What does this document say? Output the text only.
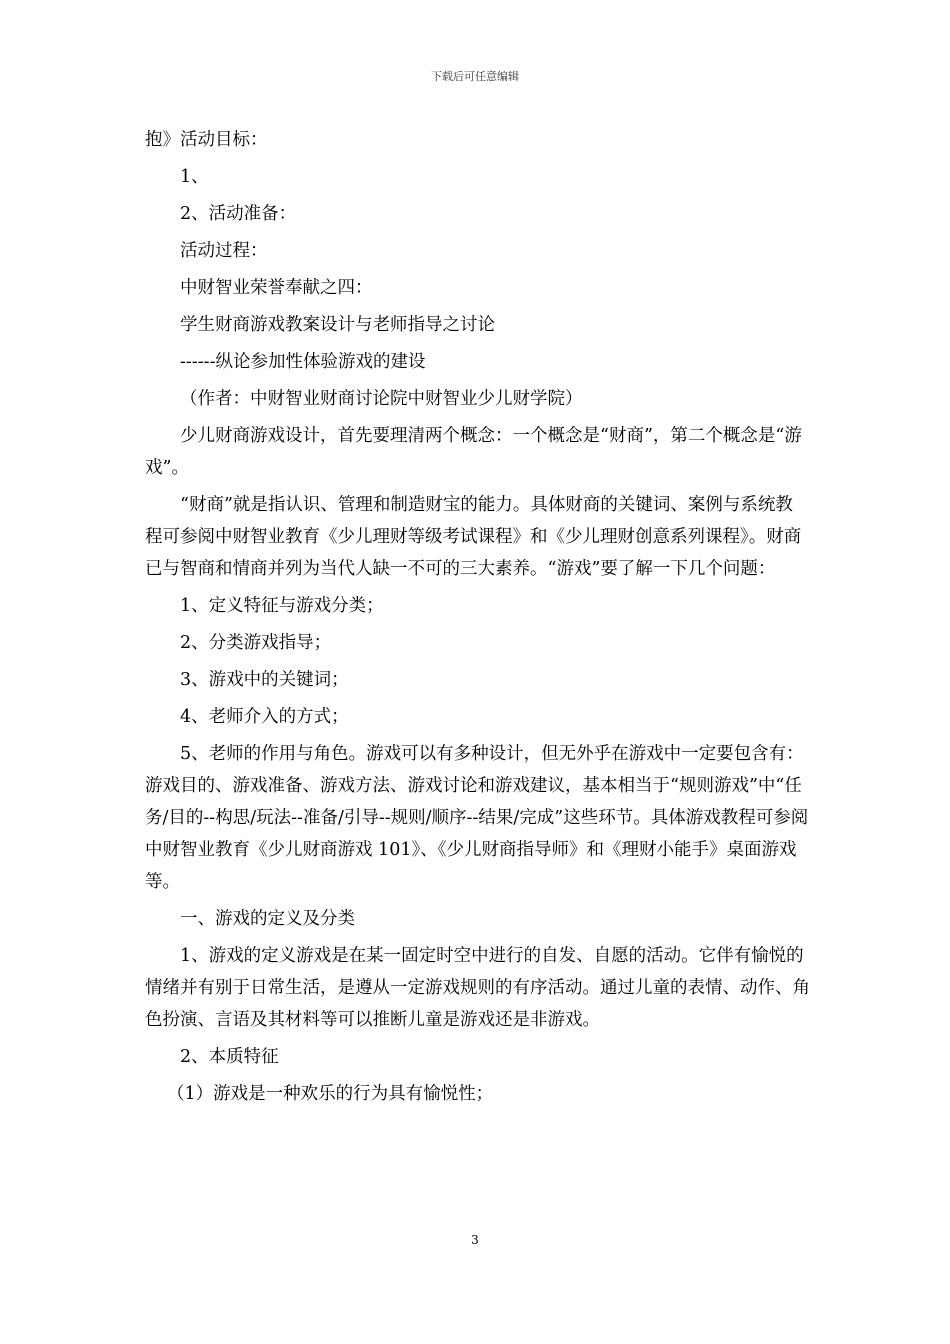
下载后可任意编辑

抱》活动目标：

1、

2、活动准备：

活动过程：

中财智业荣誉奉献之四：

学生财商游戏教案设计与老师指导之讨论

------纵论参加性体验游戏的建设

（作者：中财智业财商讨论院中财智业少儿财学院）

少儿财商游戏设计，首先要理清两个概念：一个概念是“财商”，第二个概念是“游戏”。

“财商”就是指认识、管理和制造财宝的能力。具体财商的关键词、案例与系统教程可参阅中财智业教育《少儿理财等级考试课程》和《少儿理财创意系列课程》。财商已与智商和情商并列为当代人缺一不可的三大素养。“游戏”要了解一下几个问题：

1、定义特征与游戏分类；

2、分类游戏指导；

3、游戏中的关键词；

4、老师介入的方式；

5、老师的作用与角色。游戏可以有多种设计，但无外乎在游戏中一定要包含有：游戏目的、游戏准备、游戏方法、游戏讨论和游戏建议，基本相当于“规则游戏”中“任务/目的--构思/玩法--准备/引导--规则/顺序--结果/完成”这些环节。具体游戏教程可参阅中财智业教育《少儿财商游戏 101》、《少儿财商指导师》和《理财小能手》桌面游戏等。

一、游戏的定义及分类

1、游戏的定义游戏是在某一固定时空中进行的自发、自愿的活动。它伴有愉悦的情绪并有别于日常生活，是遵从一定游戏规则的有序活动。通过儿童的表情、动作、角色扮演、言语及其材料等可以推断儿童是游戏还是非游戏。

2、本质特征

（1）游戏是一种欢乐的行为具有愉悦性；

3
